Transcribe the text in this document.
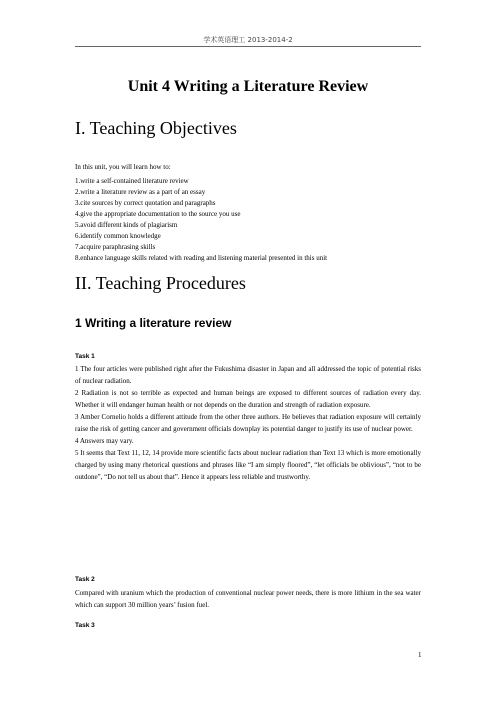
学术英语理工 2013-2014-2
Unit 4 Writing a Literature Review
I. Teaching Objectives
In this unit, you will learn how to:
1.write a self-contained literature review
2.write a literature review as a part of an essay
3.cite sources by correct quotation and paragraphs
4.give the appropriate documentation to the source you use
5.avoid different kinds of plagiarism
6.identify common knowledge
7.acquire paraphrasing skills
8.enhance language skills related with reading and listening material presented in this unit
II. Teaching Procedures
1 Writing a literature review
Task 1

1 The four articles were published right after the Fukushima disaster in Japan and all addressed the topic of potential risks of nuclear radiation.

2 Radiation is not so terrible as expected and human beings are exposed to different sources of radiation every day. Whether it will endanger human health or not depends on the duration and strength of radiation exposure.

3 Amber Cornelio holds a different attitude from the other three authors. He believes that radiation exposure will certainly raise the risk of getting cancer and government officials downplay its potential danger to justify its use of nuclear power.

4 Answers may vary.

5 It seems that Text 11, 12, 14 provide more scientific facts about nuclear radiation than Text 13 which is more emotionally charged by using many rhetorical questions and phrases like “I am simply floored”, “let officials be oblivious”, “not to be outdone”, “Do not tell us about that”. Hence it appears less reliable and trustworthy.

Task 2
Compared with uranium which the production of conventional nuclear power needs, there is more lithium in the sea water which can support 30 million years’ fusion fuel.
Task 3
1
